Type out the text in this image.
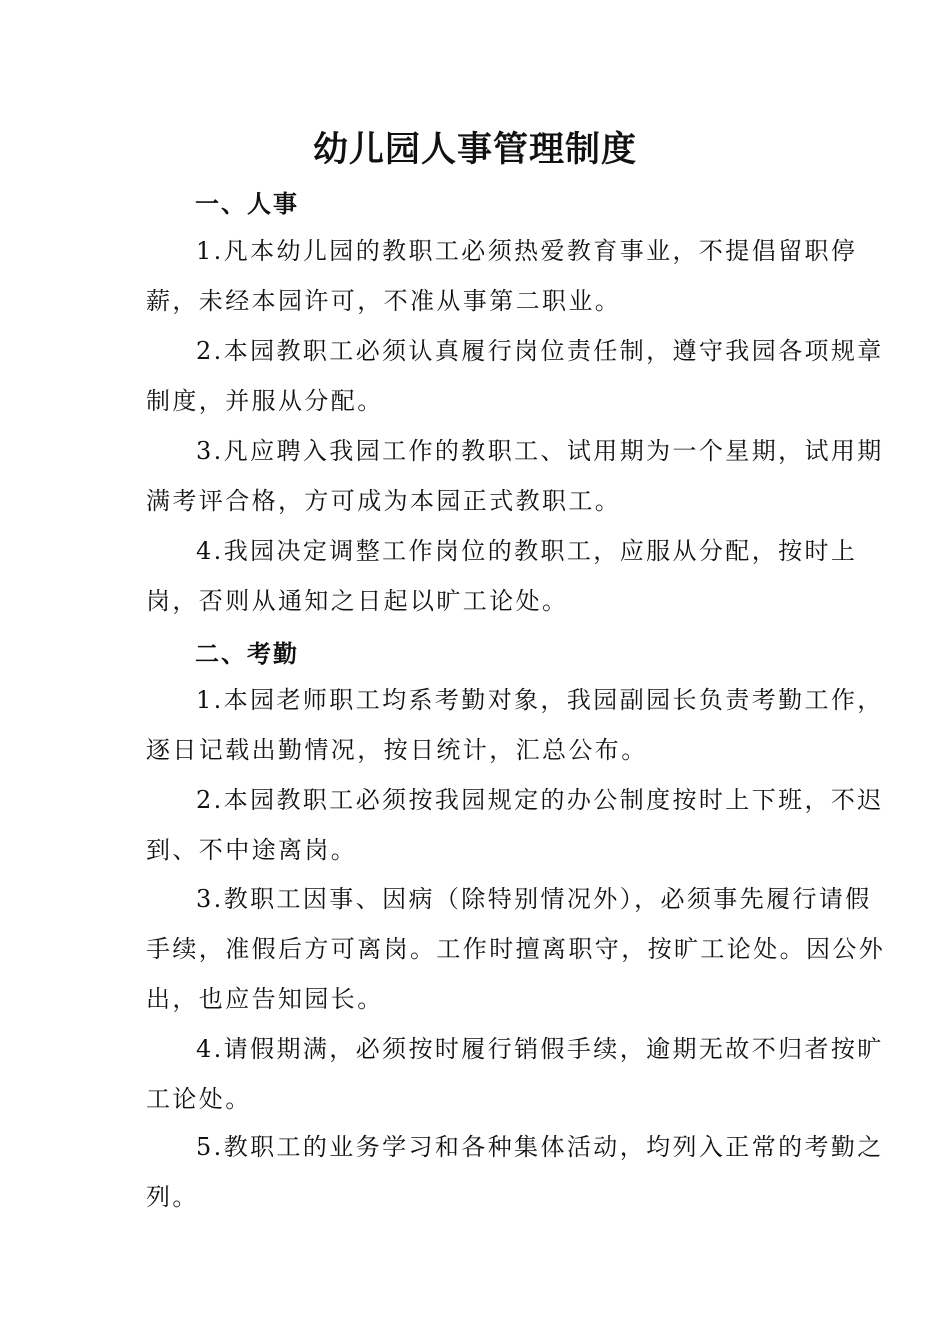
幼儿园人事管理制度
一、人事
1.凡本幼儿园的教职工必须热爱教育事业，不提倡留职停薪，未经本园许可，不准从事第二职业。
2.本园教职工必须认真履行岗位责任制，遵守我园各项规章制度，并服从分配。
3.凡应聘入我园工作的教职工、试用期为一个星期，试用期满考评合格，方可成为本园正式教职工。
4.我园决定调整工作岗位的教职工，应服从分配，按时上岗，否则从通知之日起以旷工论处。
二、考勤
1.本园老师职工均系考勤对象，我园副园长负责考勤工作，逐日记载出勤情况，按日统计，汇总公布。
2.本园教职工必须按我园规定的办公制度按时上下班，不迟到、不中途离岗。
3.教职工因事、因病（除特别情况外），必须事先履行请假手续，准假后方可离岗。工作时擅离职守，按旷工论处。因公外出，也应告知园长。
4.请假期满，必须按时履行销假手续，逾期无故不归者按旷工论处。
5.教职工的业务学习和各种集体活动，均列入正常的考勤之列。
